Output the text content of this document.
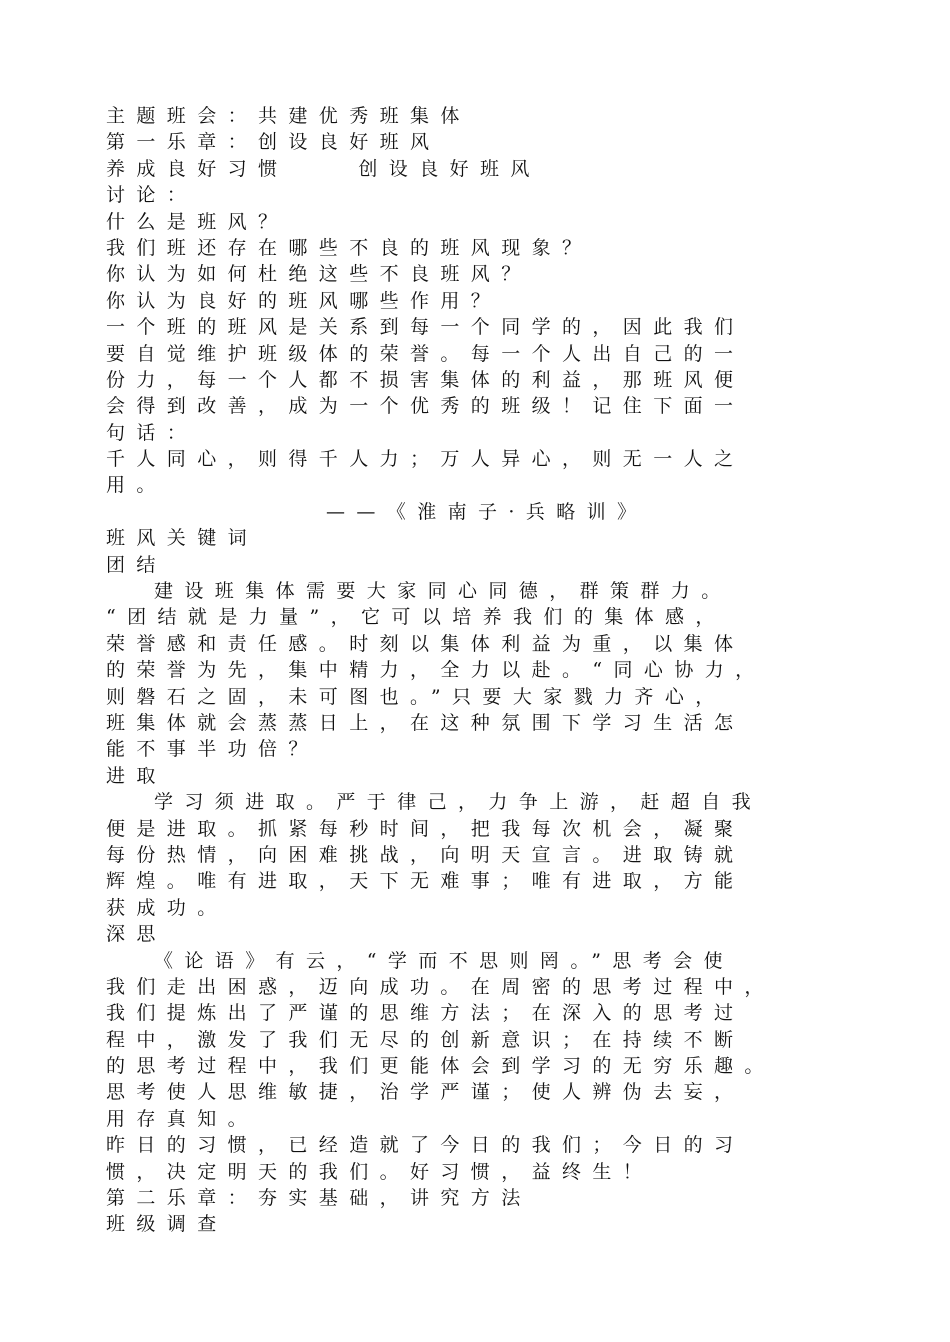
主题班会：共建优秀班集体
第一乐章：创设良好班风
养成良好习惯	创设良好班风
讨论：
什么是班风？
我们班还存在哪些不良的班风现象？
你认为如何杜绝这些不良班风？
你认为良好的班风哪些作用？
一个班的班风是关系到每一个同学的，因此我们
要自觉维护班级体的荣誉。每一个人出自己的一
份力，每一个人都不损害集体的利益，那班风便
会得到改善，成为一个优秀的班级！记住下面一
句话：
千人同心，则得千人力；万人异心，则无一人之
用。
——《淮南子·兵略训》
班风关键词
团结
建设班集体需要大家同心同德，群策群力。
“团结就是力量”，它可以培养我们的集体感，
荣誉感和责任感。时刻以集体利益为重，以集体
的荣誉为先，集中精力，全力以赴。“同心协力，
则磐石之固，未可图也。”只要大家戮力齐心，
班集体就会蒸蒸日上，在这种氛围下学习生活怎
能不事半功倍？
进取
学习须进取。严于律己，力争上游，赶超自我
便是进取。抓紧每秒时间，把我每次机会，凝聚
每份热情，向困难挑战，向明天宣言。进取铸就
辉煌。唯有进取，天下无难事；唯有进取，方能
获成功。
深思
《论语》有云，“学而不思则罔。”思考会使
我们走出困惑，迈向成功。在周密的思考过程中，
我们提炼出了严谨的思维方法；在深入的思考过
程中，激发了我们无尽的创新意识；在持续不断
的思考过程中，我们更能体会到学习的无穷乐趣。
思考使人思维敏捷，治学严谨；使人辨伪去妄，
用存真知。
昨日的习惯，已经造就了今日的我们；今日的习
惯，决定明天的我们。好习惯，益终生！
第二乐章：夯实基础，讲究方法
班级调查
